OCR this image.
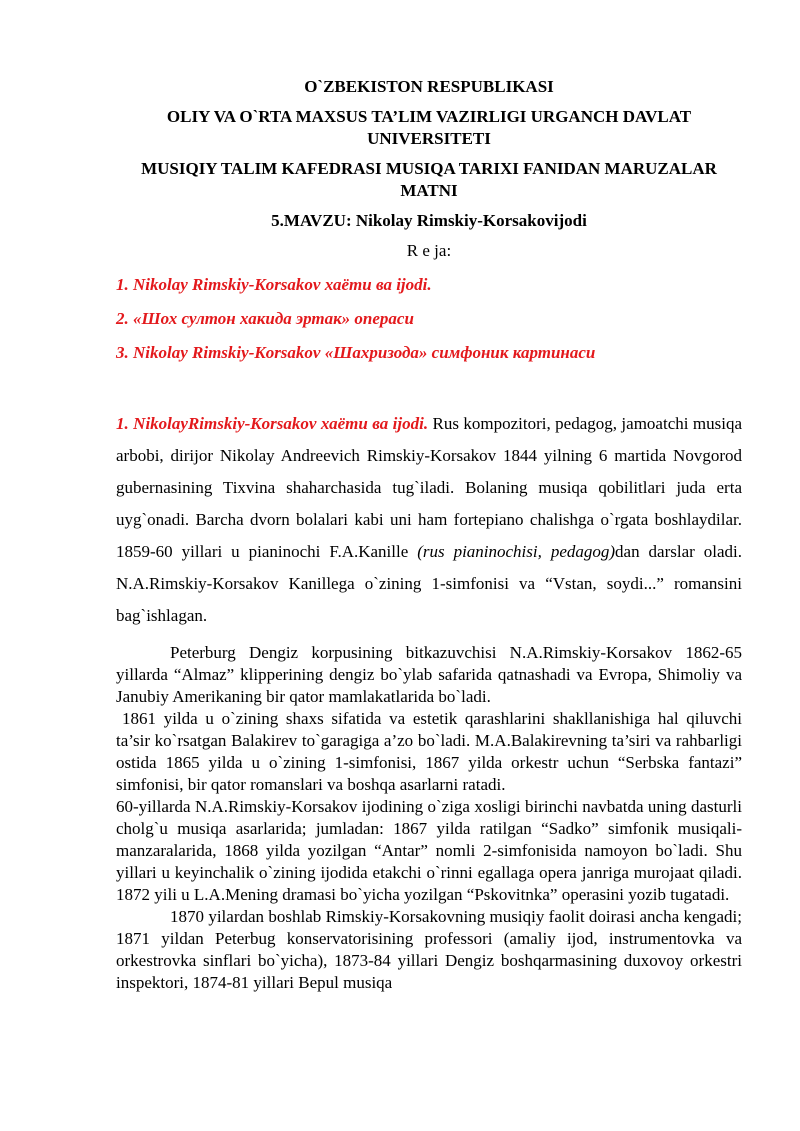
O`ZBEKISTON RESPUBLIKASI
OLIY VA O`RTA MAXSUS TA’LIM VAZIRLIGI URGANCH DAVLAT UNIVERSITETI
MUSIQIY TALIM KAFEDRASI MUSIQA TARIXI FANIDAN MARUZALAR MATNI
5.MAVZU: Nikolay Rimskiy-Korsakovijodi
R e ja:
1. Nikolay Rimskiy-Korsakov хаёти ва ijodi.
2. «Шох султон хакида эртак» операси
3. Nikolay Rimskiy-Korsakov «Шахризода» симфоник картинаси

1. NikolayRimskiy-Korsakov хаёти ва ijodi. Rus kompozitori, pedagog, jamoatchi musiqa arbobi, dirijor Nikolay Andreevich Rimskiy-Korsakov 1844 yilning 6 martida Novgorod gubernasining Tixvina shaharchasida tug`iladi. Bolaning musiqa qobilitlari juda erta uyg`onadi. Barcha dvorn bolalari kabi uni ham fortepiano chalishga o`rgata boshlaydilar. 1859-60 yillari u pianinochi F.A.Kanille (rus pianinochisi, pedagog)dan darslar oladi. N.A.Rimskiy-Korsakov Kanillega o`zining 1-simfonisi va “Vstan, soydi...” romansini bag`ishlagan.

Peterburg Dengiz korpusining bitkazuvchisi N.A.Rimskiy-Korsakov 1862-65 yillarda “Almaz” klipperining dengiz bo`ylab safarida qatnashadi va Evropa, Shimoliy va Janubiy Amerikaning bir qator mamlakatlarida bo`ladi.

1861 yilda u o`zining shaxs sifatida va estetik qarashlarini shakllanishiga hal qiluvchi ta’sir ko`rsatgan Balakirev to`garagiga a’zo bo`ladi. M.A.Balakirevning ta’siri va rahbarligi ostida 1865 yilda u o`zining 1-simfonisi, 1867 yilda orkestr uchun “Serbska fantazi” simfonisi, bir qator romanslari va boshqa asarlarni ratadi.

60-yillarda N.A.Rimskiy-Korsakov ijodining o`ziga xosligi birinchi navbatda uning dasturli cholg`u musiqa asarlarida; jumladan: 1867 yilda ratilgan “Sadko” simfonik musiqali-manzaralarida, 1868 yilda yozilgan “Antar” nomli 2-simfonisida namoyon bo`ladi. Shu yillari u keyinchalik o`zining ijodida etakchi o`rinni egallaga opera janriga murojaat qiladi. 1872 yili u L.A.Mening dramasi bo`yicha yozilgan “Pskovitnka” operasini yozib tugatadi.

1870 yilardan boshlab Rimskiy-Korsakovning musiqiy faolit doirasi ancha kengadi; 1871 yildan Peterbug konservatorisining professori (amaliy ijod, instrumentovka va orkestrovka sinflari bo`yicha), 1873-84 yillari Dengiz boshqarmasining duxovoy orkestri inspektori, 1874-81 yillari Bepul musiqa
